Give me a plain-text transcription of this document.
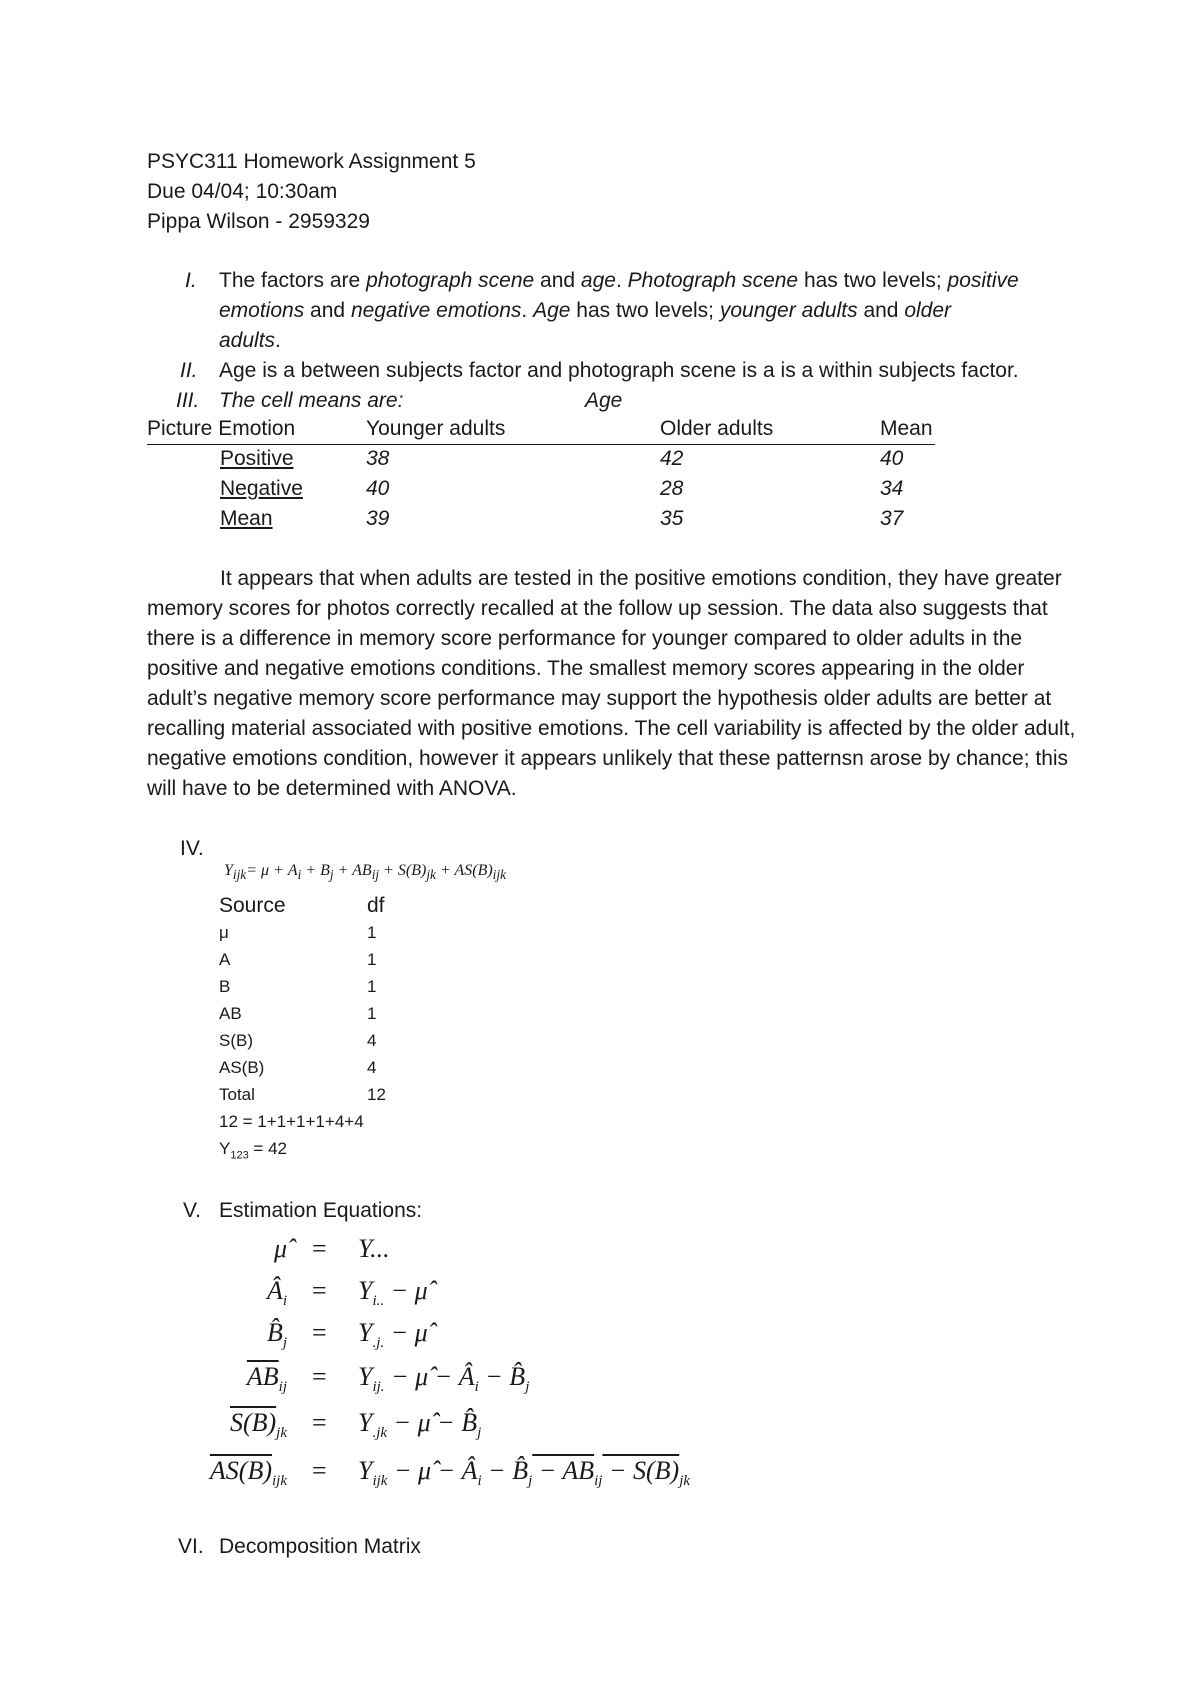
PSYC311 Homework Assignment 5
Due 04/04; 10:30am
Pippa Wilson - 2959329
I. The factors are photograph scene and age. Photograph scene has two levels; positive
emotions and negative emotions. Age has two levels; younger adults and older
adults.
II. Age is a between subjects factor and photograph scene is a is a within subjects factor.
III. The cell means are:	Age
Picture Emotion	Younger adults	Older adults	Mean
Positive	38	42	40
Negative	40	28	34
Mean	39	35	37
It appears that when adults are tested in the positive emotions condition, they have greater memory scores for photos correctly recalled at the follow up session. The data also suggests that there is a difference in memory score performance for younger compared to older adults in the positive and negative emotions conditions. The smallest memory scores appearing in the older adult’s negative memory score performance may support the hypothesis older adults are better at recalling material associated with positive emotions. The cell variability is affected by the older adult, negative emotions condition, however it appears unlikely that these patternsn arose by chance; this will have to be determined with ANOVA.
IV.
$Y_{ijk}= \mu + A_i + B_j + AB_{ij} + S(B)_{jk} + AS(B)_{ijk}$
Source	df
μ	1
A	1
B	1
AB	1
S(B)	4
AS(B)	4
Total	12
12 = 1+1+1+1+4+4
$Y_{123} = 42$
V. Estimation Equations:
μ̂ = Y...
$Â_i = Y_{i..}$ − μ̂
$B̂_j = Y_{.j.}$ − μ̂
$\overline{AB}_{ij} = Y_{ij.}$ − μ̂ − $Â_i$ − $B̂_j$
$S(B)_{jk} = Y_{.jk}$ − μ̂ − $B̂_j$
$AS(B)_{ijk} = Y_{ijk}$ − μ̂ − $Â_i$ − $B̂_j - AB_{ij} - S(B)_{jk}$
VI. Decomposition Matrix
